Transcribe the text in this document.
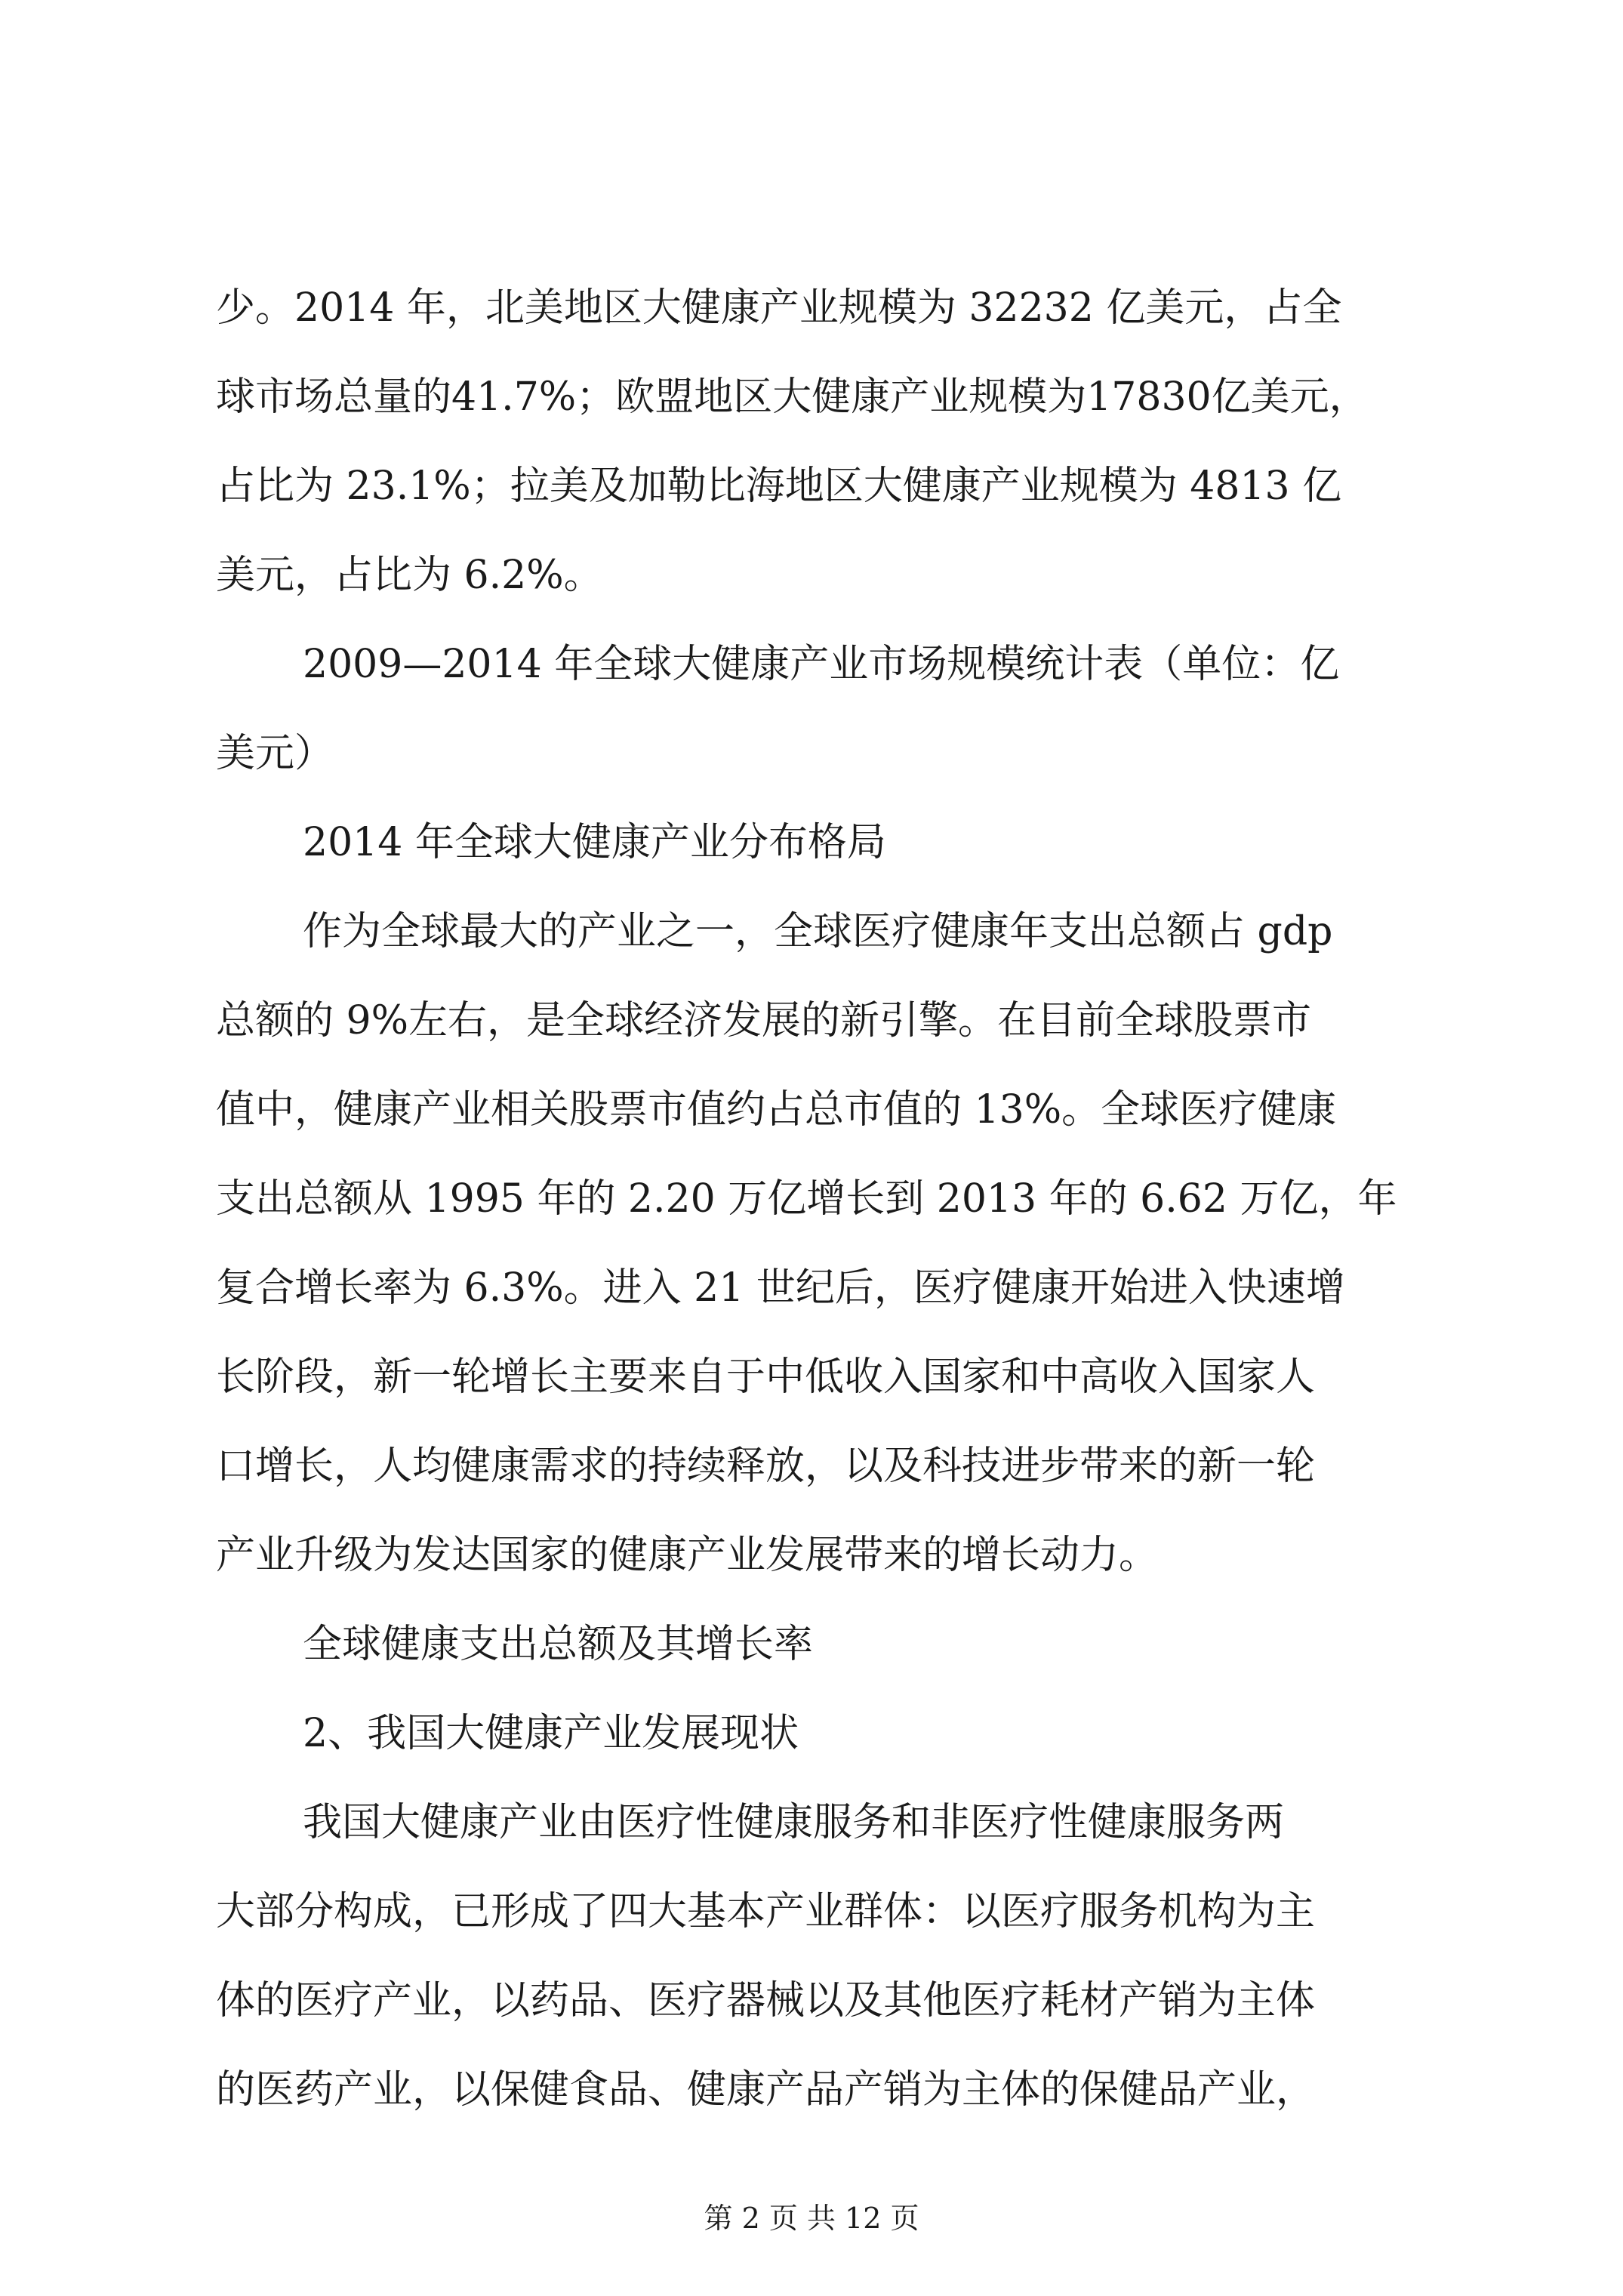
少。2014 年，北美地区大健康产业规模为 32232 亿美元，占全
球市场总量的41.7%；欧盟地区大健康产业规模为17830亿美元，
占比为 23.1%；拉美及加勒比海地区大健康产业规模为 4813 亿
美元，占比为 6.2%。
2009—2014 年全球大健康产业市场规模统计表（单位：亿
美元）
2014 年全球大健康产业分布格局
作为全球最大的产业之一，全球医疗健康年支出总额占 gdp
总额的 9%左右，是全球经济发展的新引擎。在目前全球股票市
值中，健康产业相关股票市值约占总市值的 13%。全球医疗健康
支出总额从 1995 年的 2.20 万亿增长到 2013 年的 6.62 万亿，年
复合增长率为 6.3%。进入 21 世纪后，医疗健康开始进入快速增
长阶段，新一轮增长主要来自于中低收入国家和中高收入国家人
口增长，人均健康需求的持续释放，以及科技进步带来的新一轮
产业升级为发达国家的健康产业发展带来的增长动力。
全球健康支出总额及其增长率
2、我国大健康产业发展现状
我国大健康产业由医疗性健康服务和非医疗性健康服务两
大部分构成，已形成了四大基本产业群体：以医疗服务机构为主
体的医疗产业，以药品、医疗器械以及其他医疗耗材产销为主体
的医药产业，以保健食品、健康产品产销为主体的保健品产业，
第 2 页 共 12 页
